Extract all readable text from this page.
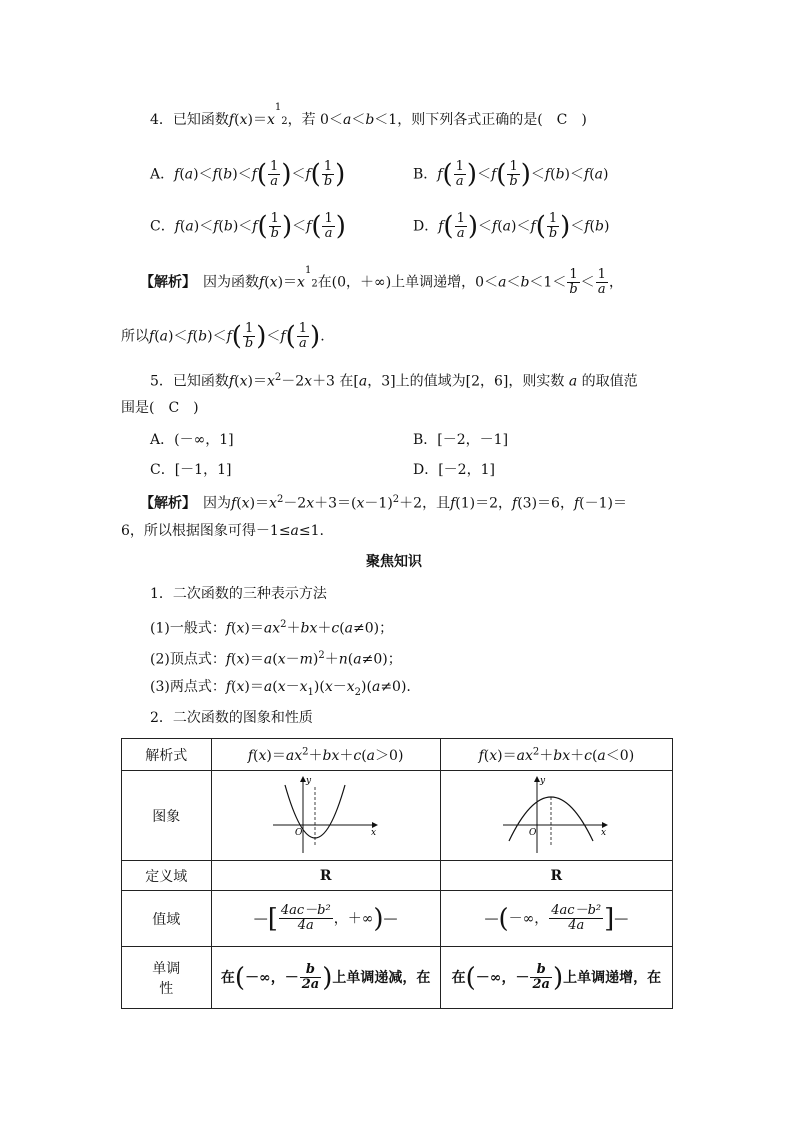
4．已知函数$f(x)=x^12$，若 0＜a＜b＜1，则下列各式正确的是(　C　)
A．$f(a)<f(b)<f( \frac{1}{a} )<f( \frac{1}{b}$ )	B．$f( \frac{1}{a} )<f( \frac{1}{b} )<f(b)<f(a)$
C．$f(a)<f(b)<f( \frac{1}{b} )<f( \frac{1}{a}$ )	D．$f( \frac{1}{a} )<f(a)<f( \frac{1}{b} )<f(b)$
【解析】　因为函数$f(x)=x^12$在(0，＋∞)上单调递增，$0<a<b<1< \frac{1}{b} < \frac{1}{a}$ ，
所以$f(a)<f(b)<f( \frac{1}{b} )<f( \frac{1}{a}$ ).
5．已知函数$f(x)=x^2-2x+3$ 在[a，3]上的值域为[2，6]，则实数 a 的取值范
围是(　C　)
A．(－∞，1]	B．[－2，－1]
C．[－1，1]	D．[－2，1]
【解析】　因为$f(x)=x^2-2x+3=(x-1)^2+2$，且f(1)＝2，f(3)＝6，f(－1)＝
6，所以根据图象可得－1≤a≤1.
聚焦知识
1．二次函数的三种表示方法
(1)一般式：$f(x)=ax^2+bx+c(a\ne 0)$；
(2)顶点式：$f(x)=a(x-m)^2+n(a\ne 0)$；
(3)两点式：$f(x)=a(x-x_1)(x-x_2)(a\ne 0)$.
2．二次函数的图象和性质
解析式	$f(x)=ax^2+bx+c(a>0)$	$f(x)=ax^2+bx+c(a<0)$
图象	y
x
O	y
x
O

定义域	R	R
值域	—[ $\frac{\text{4ac－b²}}{4a}$ ，＋∞)—	—(－∞， $\frac{\text{4ac－b²}}{4a}$ ]—
单调
性	在(－∞，－ $\frac{b}{2a}$ )上单调递减，在	在(－∞，－ $\frac{b}{2a}$ )上单调递增，在
